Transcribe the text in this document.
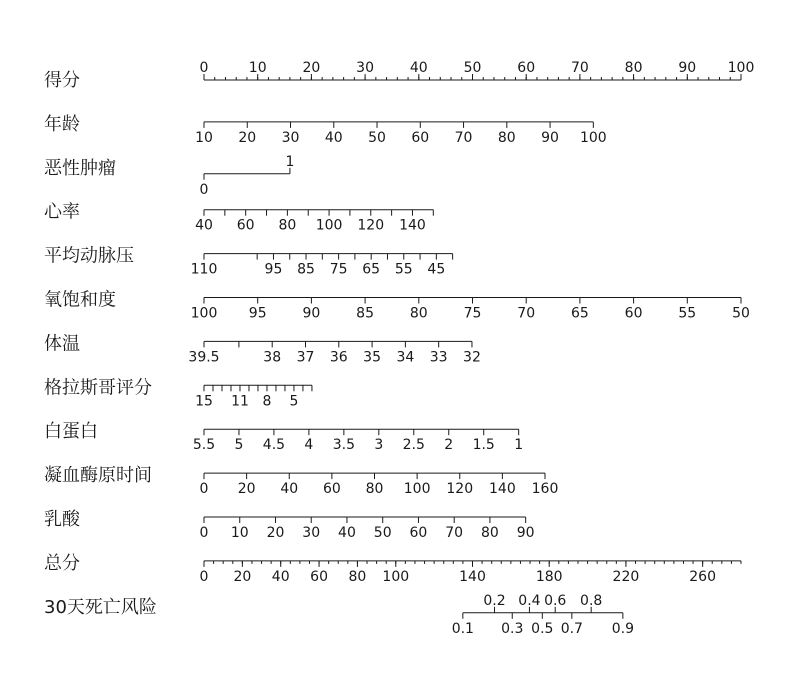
得分
0	10	20	30	40	50	60	70	80	90 100
年龄
10 20 30 40 50 60 70 80 90 100
恶性肿瘤
0
1
心率
40 60 80 100 120 140
平均动脉压
110	95 85 75 65 55 45
氧饱和度
100 95	90	85	80	75	70	65	60	55	50
体温
39.5	38 37 36 35 34 33 32
格拉斯哥评分
15 11 8 5
白蛋白
5.5 5 4.5 4 3.5 3 2.5 2 1.5 1
凝血酶原时间
0 20 40 60 80 100 120 140 160
乳酸
0 10 20 30 40 50 60 70 80 90
总分
0 20 40 60 80 100	140	180	220	260
30天死亡风险
0.1
0.2
0.3
0.4
0.5
0.6
0.7
0.8
0.9
